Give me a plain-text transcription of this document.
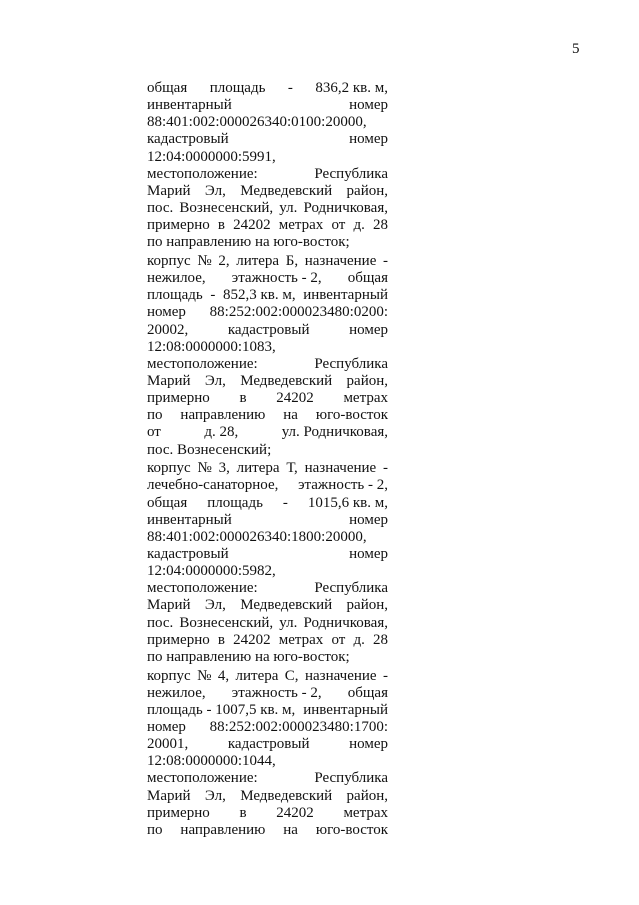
5
общая площадь - 836,2 кв. м,
инвентарный	номер
88:401:002:000026340:0100:20000,
кадастровый	номер
12:04:0000000:5991,
местоположение:	Республика
Марий Эл, Медведевский район,
пос. Вознесенский, ул. Родничковая,
примерно в 24202 метрах от д. 28
по направлению на юго-восток;
корпус № 2, литера Б, назначение -
нежилое, этажность - 2, общая
площадь - 852,3 кв. м, инвентарный
номер 88:252:002:000023480:0200:
20002,	кадастровый	номер
12:08:0000000:1083,
местоположение:	Республика
Марий Эл, Медведевский район,
примерно в 24202 метрах
по направлению на юго-восток
от	д. 28,	ул. Родничковая,
пос. Вознесенский;
корпус № 3, литера Т, назначение -
лечебно-санаторное, этажность - 2,
общая площадь - 1015,6 кв. м,
инвентарный	номер
88:401:002:000026340:1800:20000,
кадастровый	номер
12:04:0000000:5982,
местоположение:	Республика
Марий Эл, Медведевский район,
пос. Вознесенский, ул. Родничковая,
примерно в 24202 метрах от д. 28
по направлению на юго-восток;
корпус № 4, литера С, назначение -
нежилое, этажность - 2, общая
площадь - 1007,5 кв. м, инвентарный
номер 88:252:002:000023480:1700:
20001,	кадастровый	номер
12:08:0000000:1044,
местоположение:	Республика
Марий Эл, Медведевский район,
примерно в 24202 метрах
по направлению на юго-восток
